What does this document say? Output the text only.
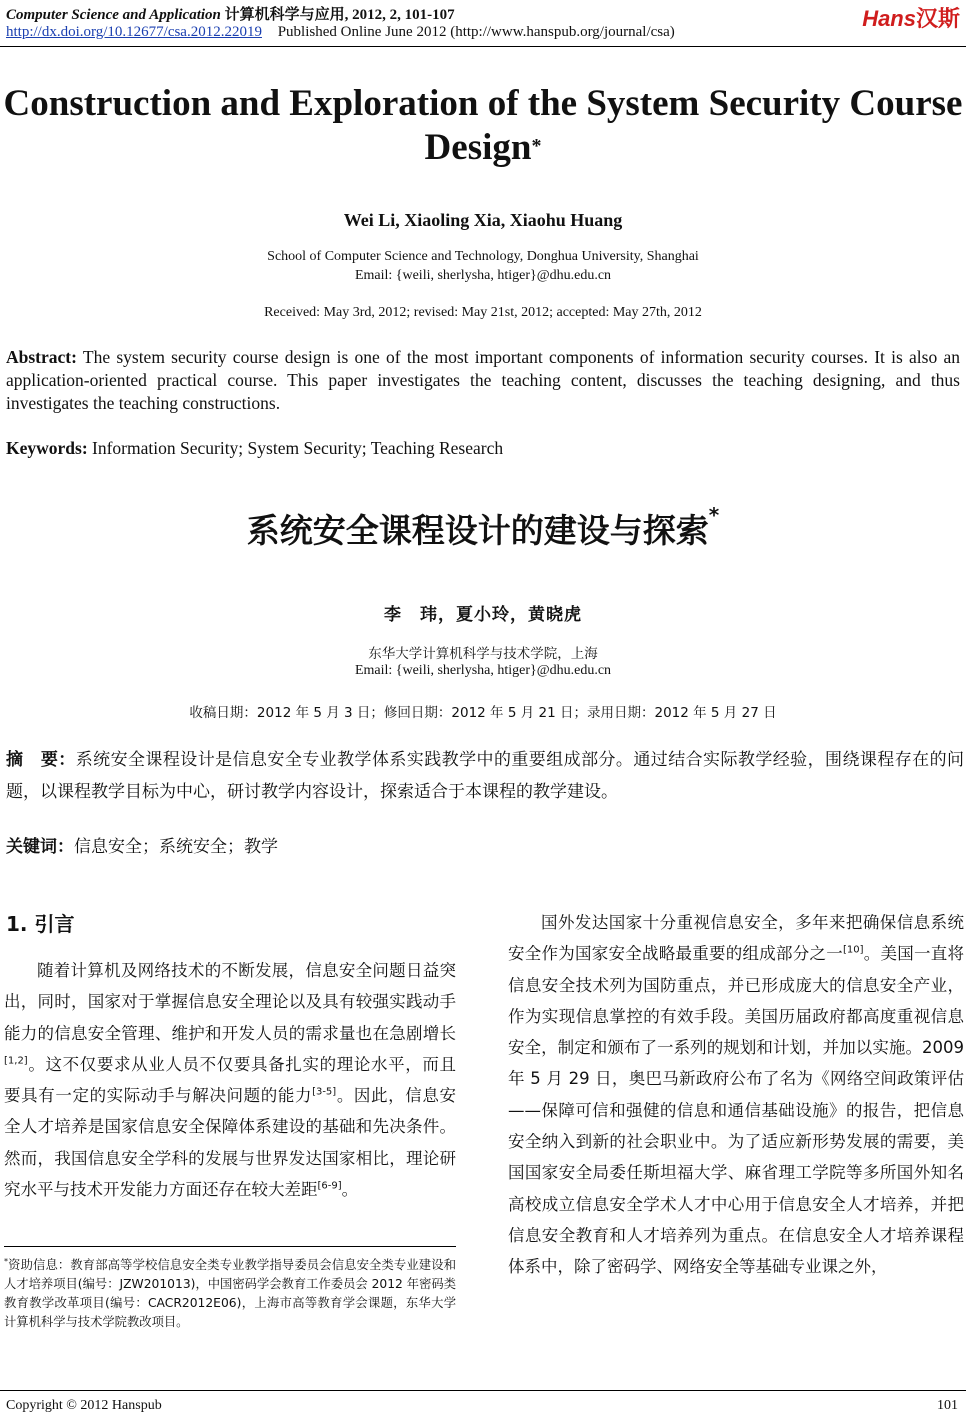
Computer Science and Application 计算机科学与应用, 2012, 2, 101-107
http://dx.doi.org/10.12677/csa.2012.22019 Published Online June 2012 (http://www.hanspub.org/journal/csa)
Hans汉斯
Construction and Exploration of the System Security Course Design*
Wei Li, Xiaoling Xia, Xiaohu Huang
School of Computer Science and Technology, Donghua University, Shanghai
Email: {weili, sherlysha, htiger}@dhu.edu.cn
Received: May 3rd, 2012; revised: May 21st, 2012; accepted: May 27th, 2012
Abstract: The system security course design is one of the most important components of information security courses. It is also an application-oriented practical course. This paper investigates the teaching content, discusses the teaching designing, and thus investigates the teaching constructions.
Keywords: Information Security; System Security; Teaching Research
系统安全课程设计的建设与探索*
李　玮，夏小玲，黄晓虎
东华大学计算机科学与技术学院，上海
Email: {weili, sherlysha, htiger}@dhu.edu.cn
收稿日期：2012 年 5 月 3 日；修回日期：2012 年 5 月 21 日；录用日期：2012 年 5 月 27 日
摘　要：系统安全课程设计是信息安全专业教学体系实践教学中的重要组成部分。通过结合实际教学经验，围绕课程存在的问题，以课程教学目标为中心，研讨教学内容设计，探索适合于本课程的教学建设。
关键词：信息安全；系统安全；教学
1. 引言
随着计算机及网络技术的不断发展，信息安全问题日益突出，同时，国家对于掌握信息安全理论以及具有较强实践动手能力的信息安全管理、维护和开发人员的需求量也在急剧增长[1,2]。这不仅要求从业人员不仅要具备扎实的理论水平，而且要具有一定的实际动手与解决问题的能力[3-5]。因此，信息安全人才培养是国家信息安全保障体系建设的基础和先决条件。然而，我国信息安全学科的发展与世界发达国家相比，理论研究水平与技术开发能力方面还存在较大差距[6-9]。
国外发达国家十分重视信息安全，多年来把确保信息系统安全作为国家安全战略最重要的组成部分之一[10]。美国一直将信息安全技术列为国防重点，并已形成庞大的信息安全产业，作为实现信息掌控的有效手段。美国历届政府都高度重视信息安全，制定和颁布了一系列的规划和计划，并加以实施。2009 年 5 月 29 日，奥巴马新政府公布了名为《网络空间政策评估——保障可信和强健的信息和通信基础设施》的报告，把信息安全纳入到新的社会职业中。为了适应新形势发展的需要，美国国家安全局委任斯坦福大学、麻省理工学院等多所国外知名高校成立信息安全学术人才中心用于信息安全人才培养，并把信息安全教育和人才培养列为重点。在信息安全人才培养课程体系中，除了密码学、网络安全等基础专业课之外，
*资助信息：教育部高等学校信息安全类专业教学指导委员会信息安全类专业建设和人才培养项目(编号：JZW201013)，中国密码学会教育工作委员会 2012 年密码类教育教学改革项目(编号：CACR2012E06)，上海市高等教育学会课题，东华大学计算机科学与技术学院教改项目。
Copyright © 2012 Hanspub	101
